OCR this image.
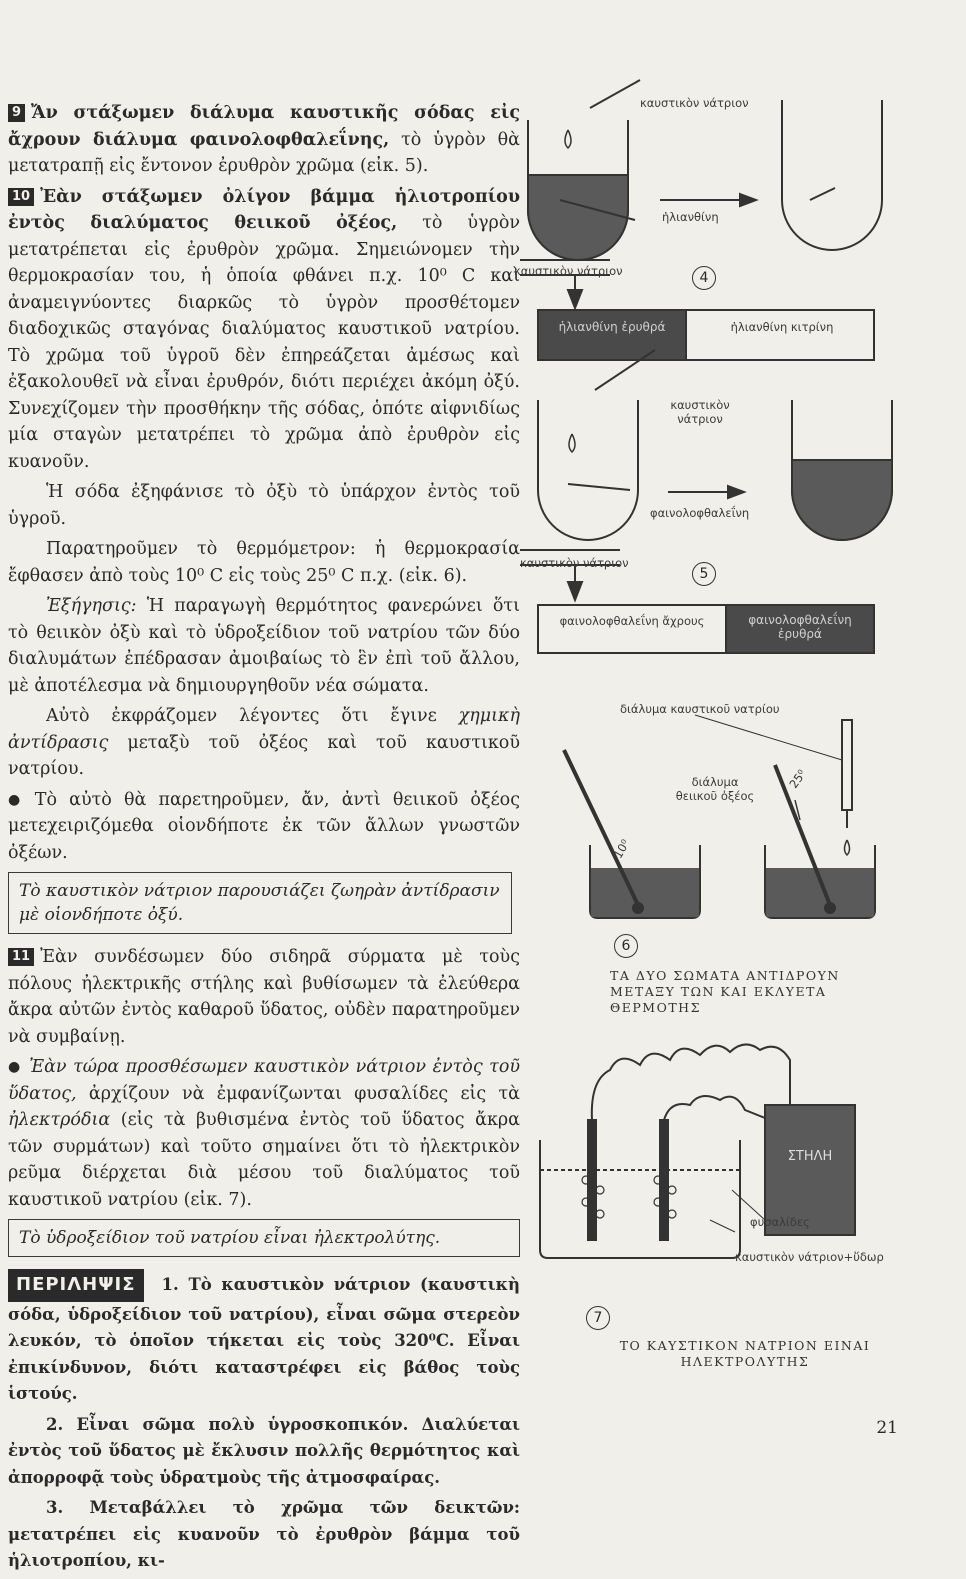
9 Ἄν στάξωμεν διάλυμα καυστικῆς σόδας εἰς ἄχρουν διάλυμα φαινολοφθαλεΐνης, τὸ ὑγρὸν θὰ μετατραπῇ εἰς ἔντονον ἐρυθρὸν χρῶμα (εἰκ. 5).

10 Ἐὰν στάξωμεν ὀλίγον βάμμα ἡλιοτροπίου ἐντὸς διαλύματος θειικοῦ ὀξέος, τὸ ὑγρὸν μετατρέπεται εἰς ἐρυθρὸν χρῶμα. Σημειώνομεν τὴν θερμοκρασίαν του, ἡ ὁποία φθάνει π.χ. 10⁰ C καὶ ἀναμειγνύοντες διαρκῶς τὸ ὑγρὸν προσθέτομεν διαδοχικῶς σταγόνας διαλύματος καυστικοῦ νατρίου. Τὸ χρῶμα τοῦ ὑγροῦ δὲν ἐπηρεάζεται ἀμέσως καὶ ἐξακολουθεῖ νὰ εἶναι ἐρυθρόν, διότι περιέχει ἀκόμη ὀξύ. Συνεχίζομεν τὴν προσθήκην τῆς σόδας, ὁπότε αἰφνιδίως μία σταγὼν μετατρέπει τὸ χρῶμα ἀπὸ ἐρυθρὸν εἰς κυανοῦν.

Ἡ σόδα ἐξηφάνισε τὸ ὀξὺ τὸ ὑπάρχον ἐντὸς τοῦ ὑγροῦ.

Παρατηροῦμεν τὸ θερμόμετρον: ἡ θερμοκρασία ἔφθασεν ἀπὸ τοὺς 10⁰ C εἰς τοὺς 25⁰ C π.χ. (εἰκ. 6).

Ἐξήγησις: Ἡ παραγωγὴ θερμότητος φανερώνει ὅτι τὸ θειικὸν ὀξὺ καὶ τὸ ὑδροξείδιον τοῦ νατρίου τῶν δύο διαλυμάτων ἐπέδρασαν ἀμοιβαίως τὸ ἓν ἐπὶ τοῦ ἄλλου, μὲ ἀποτέλεσμα νὰ δημιουργηθοῦν νέα σώματα.

Αὐτὸ ἐκφράζομεν λέγοντες ὅτι ἔγινε χημικὴ ἀντίδρασις μεταξὺ τοῦ ὀξέος καὶ τοῦ καυστικοῦ νατρίου.

● Τὸ αὐτὸ θὰ παρετηροῦμεν, ἄν, ἀντὶ θειικοῦ ὀξέος μετεχειριζόμεθα οἱονδήποτε ἐκ τῶν ἄλλων γνωστῶν ὀξέων.

Τὸ καυστικὸν νάτριον παρουσιάζει ζωηρὰν ἀντίδρασιν μὲ οἱονδήποτε ὀξύ.

11 Ἐὰν συνδέσωμεν δύο σιδηρᾶ σύρματα μὲ τοὺς πόλους ἠλεκτρικῆς στήλης καὶ βυθίσωμεν τὰ ἐλεύθερα ἄκρα αὐτῶν ἐντὸς καθαροῦ ὕδατος, οὐδὲν παρατηροῦμεν νὰ συμβαίνῃ.

● Ἐὰν τώρα προσθέσωμεν καυστικὸν νάτριον ἐντὸς τοῦ ὕδατος, ἀρχίζουν νὰ ἐμφανίζωνται φυσαλίδες εἰς τὰ ἠλεκτρόδια (εἰς τὰ βυθισμένα ἐντὸς τοῦ ὕδατος ἄκρα τῶν συρμάτων) καὶ τοῦτο σημαίνει ὅτι τὸ ἠλεκτρικὸν ρεῦμα διέρχεται διὰ μέσου τοῦ διαλύματος τοῦ καυστικοῦ νατρίου (εἰκ. 7).

Τὸ ὑδροξείδιον τοῦ νατρίου εἶναι ἠλεκτρολύτης.

ΠΕΡΙΛΗΨΙΣ 1. Τὸ καυστικὸν νάτριον (καυστικὴ σόδα, ὑδροξείδιον τοῦ νατρίου), εἶναι σῶμα στερεὸν λευκόν, τὸ ὁποῖον τήκεται εἰς τοὺς 320⁰C. Εἶναι ἐπικίνδυνον, διότι καταστρέφει εἰς βάθος τοὺς ἱστούς.

2. Εἶναι σῶμα πολὺ ὑγροσκοπικόν. Διαλύεται ἐντὸς τοῦ ὕδατος μὲ ἔκλυσιν πολλῆς θερμότητος καὶ ἀπορροφᾷ τοὺς ὑδρατμοὺς τῆς ἀτμοσφαίρας.

3. Μεταβάλλει τὸ χρῶμα τῶν δεικτῶν: μετατρέπει εἰς κυανοῦν τὸ ἐρυθρὸν βάμμα τοῦ ἡλιοτροπίου, κι-

καυστικὸν νάτριον
ἡλιανθίνη
καυστικὸν νάτριον	4
ἡλιανθίνη ἐρυθρά	ἡλιανθίνη κιτρίνη
καυστικὸν νάτριον
φαινολοφθαλεΐνη
καυστικὸν νάτριον
5
φαινολοφθαλεΐνη ἄχρους	φαινολοφθαλεΐνη ἐρυθρά
διάλυμα καυστικοῦ νατρίου
διάλυμα θειικοῦ ὀξέος
10⁰
25⁰
6
ΤΑ ΔΥΟ ΣΩΜΑΤΑ ΑΝΤΙΔΡΟΥΝ ΜΕΤΑΞΥ ΤΩΝ ΚΑΙ ΕΚΛΥΕΤΑ ΘΕΡΜΟΤΗΣ
ΣΤΗΛΗ
φυσαλίδες
καυστικὸν νάτριον+ὕδωρ
7
ΤΟ ΚΑΥΣΤΙΚΟΝ ΝΑΤΡΙΟΝ ΕΙΝΑΙ ΗΛΕΚΤΡΟΛΥΤΗΣ
21
